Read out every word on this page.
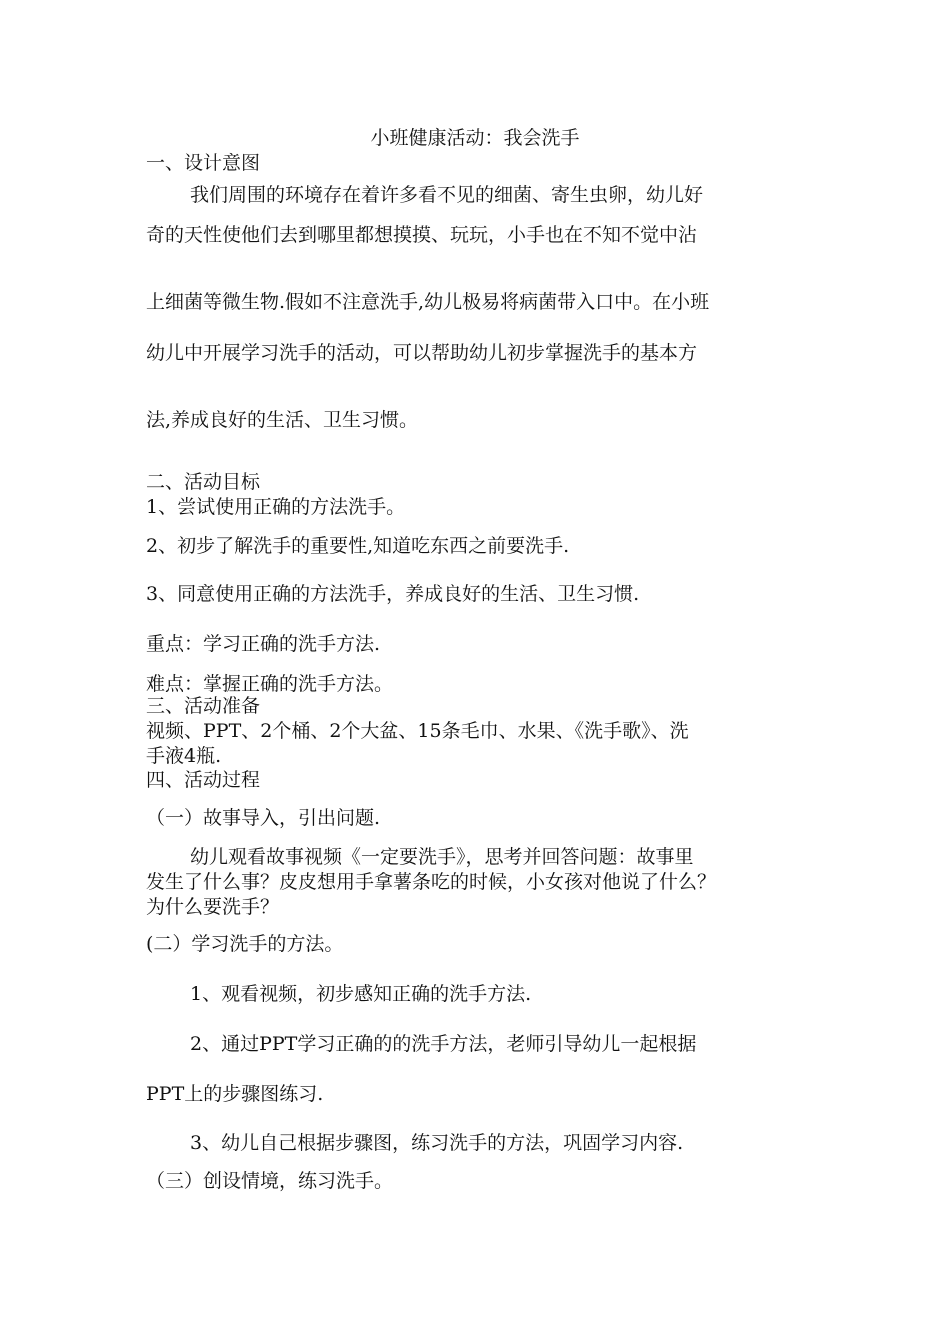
小班健康活动：我会洗手
一、设计意图
我们周围的环境存在着许多看不见的细菌、寄生虫卵，幼儿好
奇的天性使他们去到哪里都想摸摸、玩玩，小手也在不知不觉中沾
上细菌等微生物.假如不注意洗手,幼儿极易将病菌带入口中。在小班
幼儿中开展学习洗手的活动，可以帮助幼儿初步掌握洗手的基本方
法,养成良好的生活、卫生习惯。
二、活动目标
1、尝试使用正确的方法洗手。
2、初步了解洗手的重要性,知道吃东西之前要洗手.
3、同意使用正确的方法洗手，养成良好的生活、卫生习惯.
重点：学习正确的洗手方法.
难点：掌握正确的洗手方法。
三、活动准备
视频、PPT、2个桶、2个大盆、15条毛巾、水果、《洗手歌》、洗
手液4瓶.
四、活动过程
（一）故事导入，引出问题.
幼儿观看故事视频《一定要洗手》，思考并回答问题：故事里
发生了什么事？皮皮想用手拿薯条吃的时候，小女孩对他说了什么？
为什么要洗手？
(二）学习洗手的方法。
1、观看视频，初步感知正确的洗手方法.
2、通过PPT学习正确的的洗手方法，老师引导幼儿一起根据
PPT上的步骤图练习.
3、幼儿自己根据步骤图，练习洗手的方法，巩固学习内容.
（三）创设情境，练习洗手。
